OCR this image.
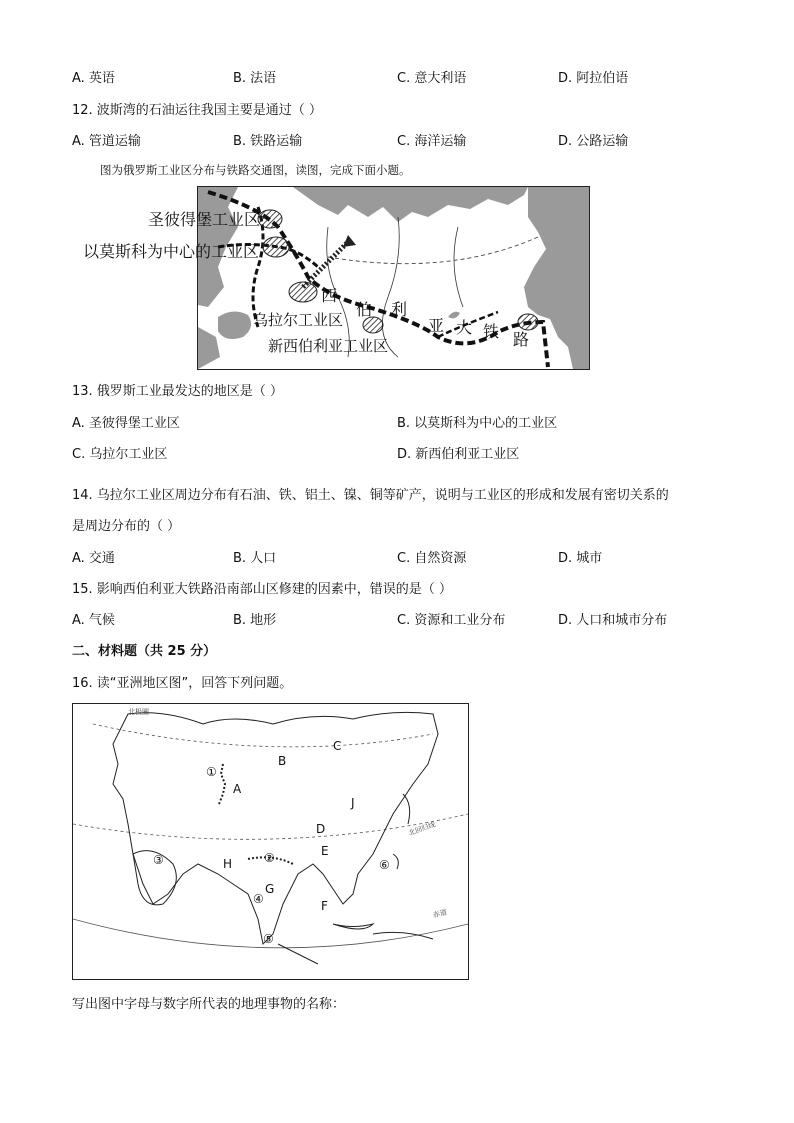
A. 英语	B. 法语	C. 意大利语	D. 阿拉伯语
12. 波斯湾的石油运往我国主要是通过（ ）
A. 管道运输	B. 铁路运输	C. 海洋运输	D. 公路运输
图为俄罗斯工业区分布与铁路交通图，读图，完成下面小题。
圣彼得堡工业区
以莫斯科为中心的工业区
乌拉尔工业区
新西伯利亚工业区
西
伯 利
亚 大 铁 路
13. 俄罗斯工业最发达的地区是（ ）
A. 圣彼得堡工业区	B. 以莫斯科为中心的工业区
C. 乌拉尔工业区	D. 新西伯利亚工业区
14. 乌拉尔工业区周边分布有石油、铁、铝土、镍、铜等矿产，说明与工业区的形成和发展有密切关系的
是周边分布的（ ）
A. 交通	B. 人口	C. 自然资源	D. 城市
15. 影响西伯利亚大铁路沿南部山区修建的因素中，错误的是（ ）
A. 气候	B. 地形	C. 资源和工业分布	D. 人口和城市分布
二、材料题（共 25 分）
16. 读“亚洲地区图”，回答下列问题。
北极圈
北回归线
赤道
A
B
C
D
E
F
G
H
J
①
②
③
④
⑤
⑥
写出图中字母与数字所代表的地理事物的名称：
